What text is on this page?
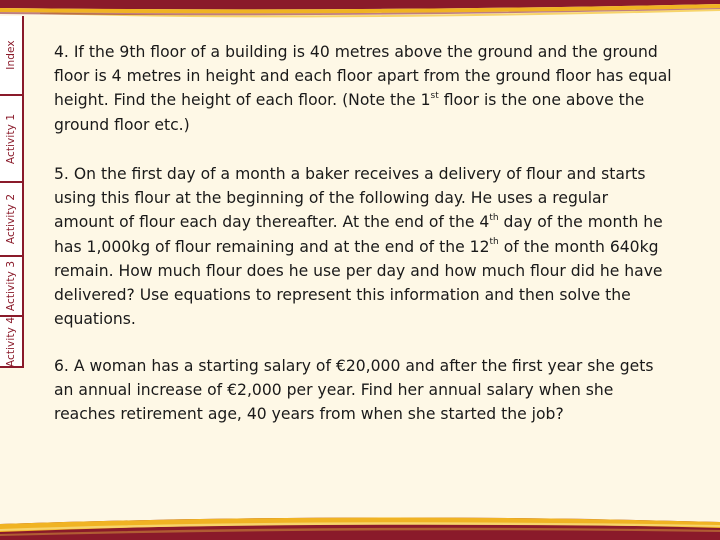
Index
Activity 1
Activity 2
Activity 3
Activity 4

4. If the 9th floor of a building is 40 metres above the ground and the ground floor is 4 metres in height and each floor apart from the ground floor has equal height. Find the height of each floor. (Note the 1st floor is the one above the ground floor etc.)

5. On the first day of a month a baker receives a delivery of flour and starts using this flour at the beginning of the following day. He uses a regular amount of flour each day thereafter. At the end of the 4th day of the month he has 1,000kg of flour remaining and at the end of the 12th of the month 640kg remain. How much flour does he use per day and how much flour did he have delivered? Use equations to represent this information and then solve the equations.

6. A woman has a starting salary of €20,000 and after the first year she gets an annual increase of €2,000 per year. Find her annual salary when she reaches retirement age, 40 years from when she started the job?
